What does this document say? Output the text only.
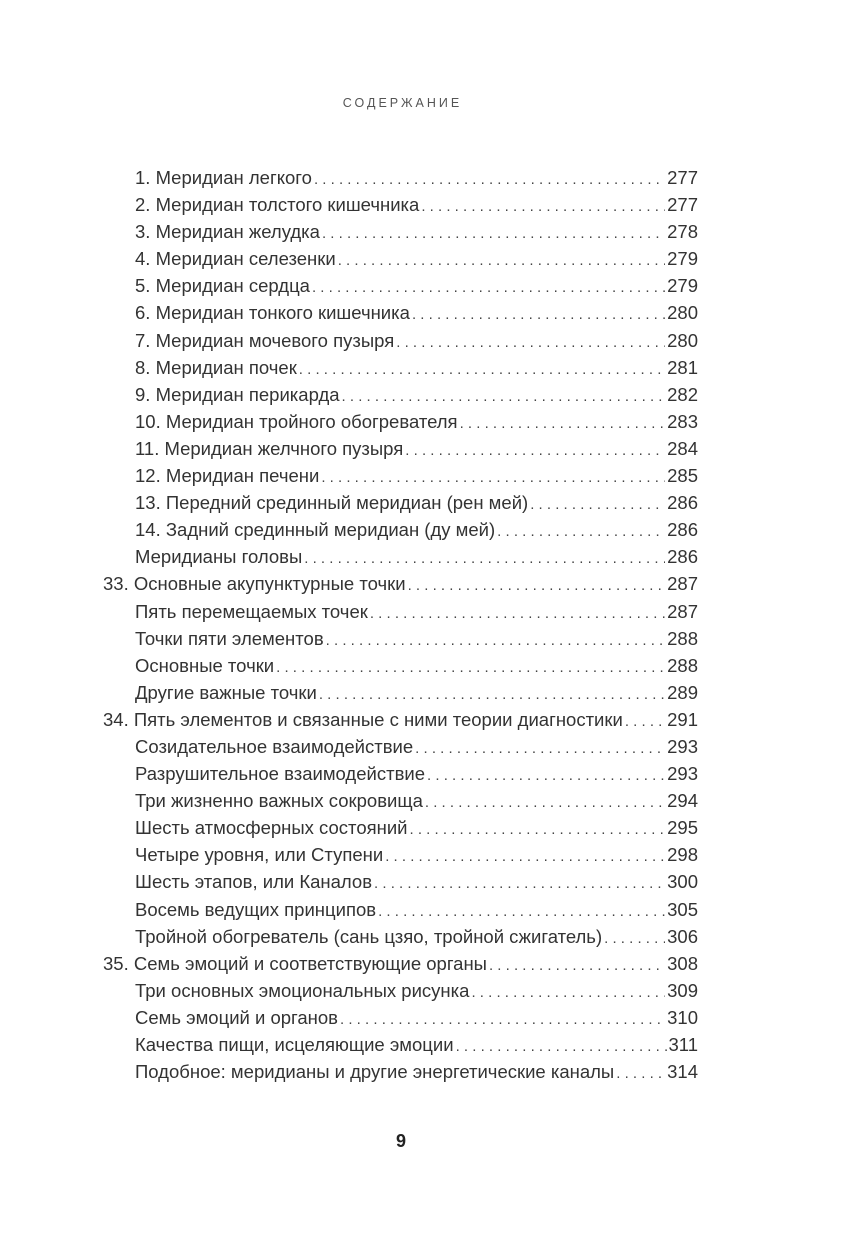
СОДЕРЖАНИЕ
1. Меридиан легкого . . .	277
2. Меридиан толстого кишечника . . .	277
3. Меридиан желудка . . .	278
4. Меридиан селезенки . . .	279
5. Меридиан сердца . . .	279
6. Меридиан тонкого кишечника . . .	280
7. Меридиан мочевого пузыря . . .	280
8. Меридиан почек . . .	281
9. Меридиан перикарда . . .	282
10. Меридиан тройного обогревателя . . .	283
11. Меридиан желчного пузыря . . .	284
12. Меридиан печени . . .	285
13. Передний срединный меридиан (рен мей) . . .	286
14. Задний срединный меридиан (ду мей) . . .	286
Меридианы головы . . .	286
33. Основные акупунктурные точки . . .	287
Пять перемещаемых точек . . .	287
Точки пяти элементов . . .	288
Основные точки . . .	288
Другие важные точки . . .	289
34. Пять элементов и связанные с ними теории диагностики . . . 291
Созидательное взаимодействие . . .	293
Разрушительное взаимодействие . . .	293
Три жизненно важных сокровища . . .	294
Шесть атмосферных состояний . . .	295
Четыре уровня, или Ступени . . .	298
Шесть этапов, или Каналов . . .	300
Восемь ведущих принципов . . .	305
Тройной обогреватель (сань цзяо, тройной сжигатель) . . .	306
35. Семь эмоций и соответствующие органы . . .	308
Три основных эмоциональных рисунка . . .	309
Семь эмоций и органов . . .	310
Качества пищи, исцеляющие эмоции . . .	311
Подобное: меридианы и другие энергетические каналы . . .	314
9
